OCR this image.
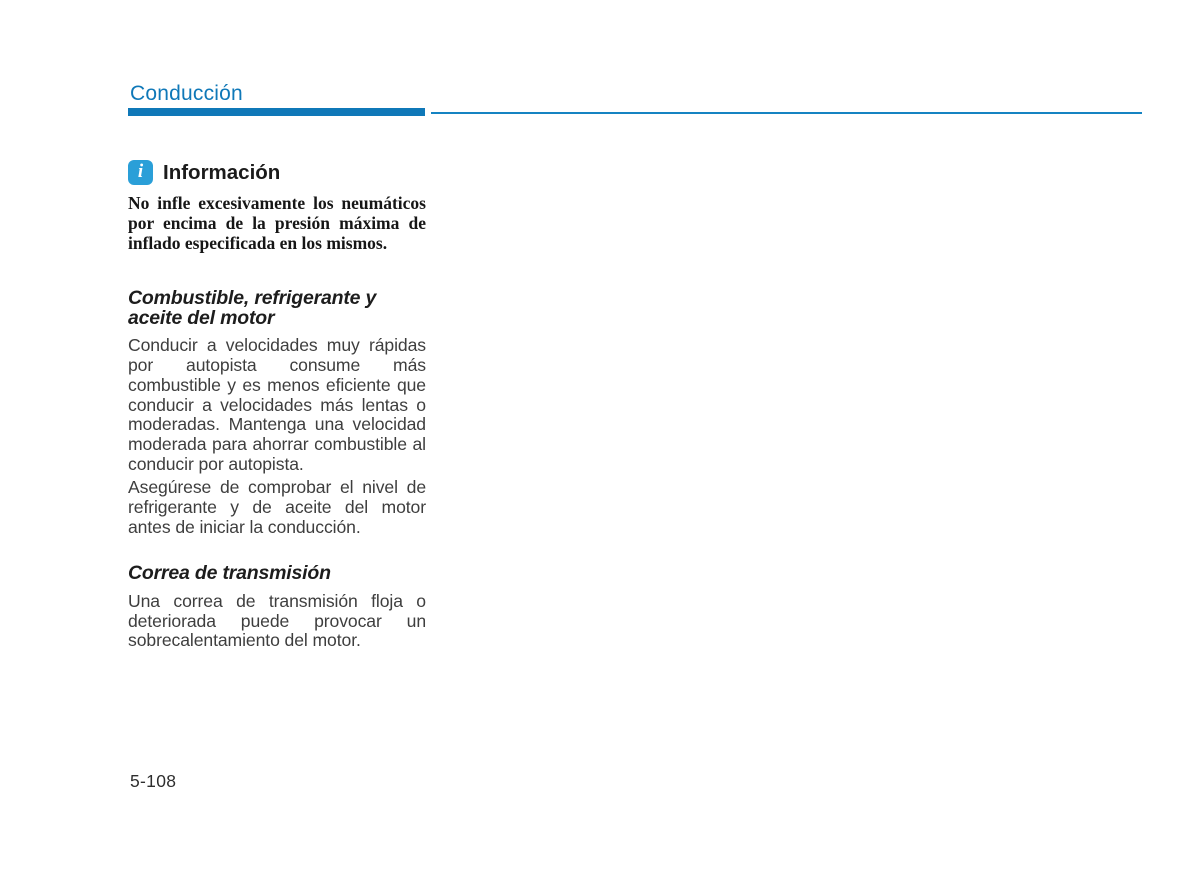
Conducción
i Información

No infle excesivamente los neumáticos por encima de la presión máxima de inflado especificada en los mismos.

Combustible, refrigerante y aceite del motor

Conducir a velocidades muy rápidas por autopista consume más combustible y es menos eficiente que conducir a velocidades más lentas o moderadas. Mantenga una velocidad moderada para ahorrar combustible al conducir por autopista.

Asegúrese de comprobar el nivel de refrigerante y de aceite del motor antes de iniciar la conducción.

Correa de transmisión

Una correa de transmisión floja o deteriorada puede provocar un sobrecalentamiento del motor.

5-108
